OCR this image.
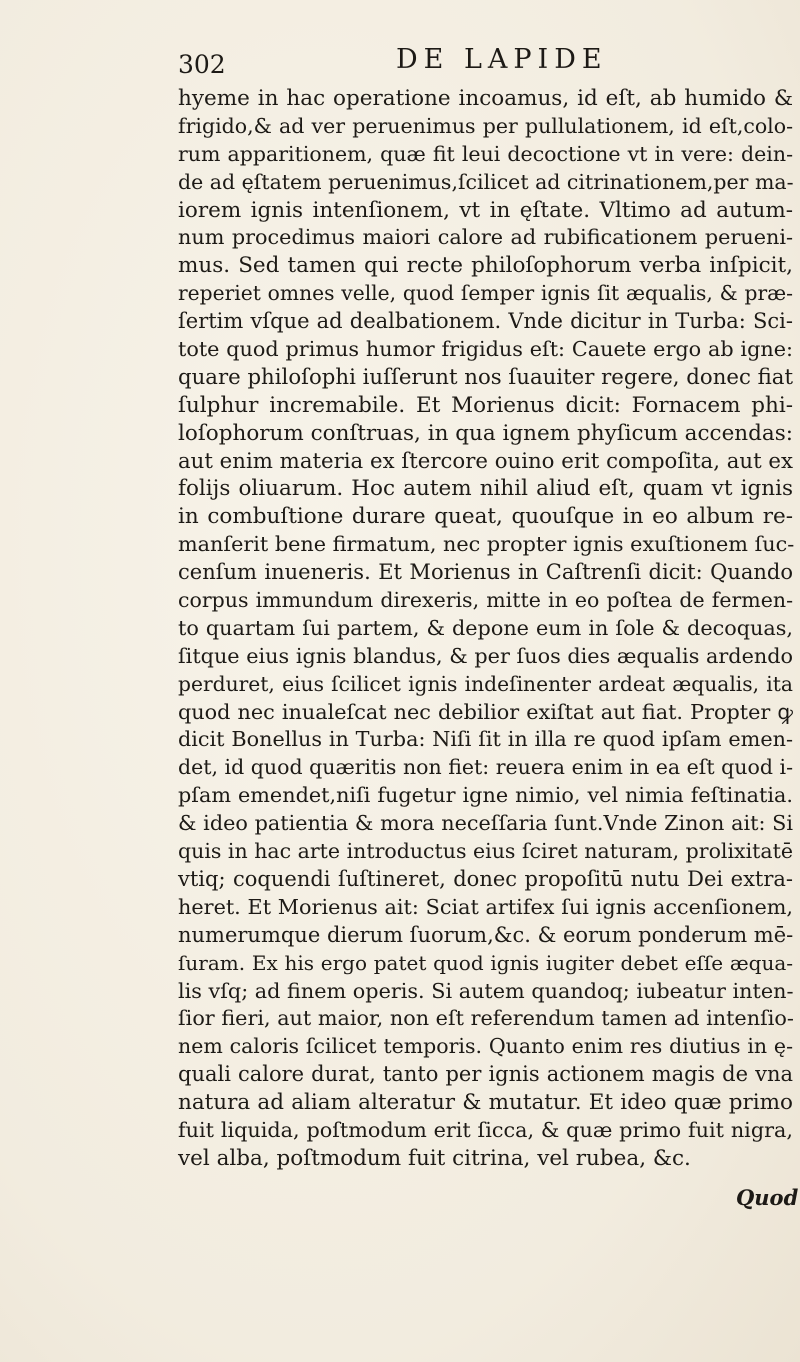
302	DE LAPIDE
hyeme in hac operatione incoamus, id eſt, ab humido &
frigido,& ad ver peruenimus per pullulationem, id eſt,colo-
rum apparitionem, quæ fit leui decoctione vt in vere: dein-
de ad ęſtatem peruenimus,ſcilicet ad citrinationem,per ma-
iorem ignis intenſionem, vt in ęſtate. Vltimo ad autum-
num procedimus maiori calore ad rubificationem perueni-
mus. Sed tamen qui recte philoſophorum verba inſpicit,
reperiet omnes velle, quod ſemper ignis ſit æqualis, & præ-
ſertim vſque ad dealbationem. Vnde dicitur in Turba: Sci-
tote quod primus humor frigidus eſt: Cauete ergo ab igne:
quare philoſophi iuſſerunt nos ſuauiter regere, donec fiat
ſulphur incremabile. Et Morienus dicit: Fornacem phi-
loſophorum conſtruas, in qua ignem phyſicum accendas:
aut enim materia ex ſtercore ouino erit compoſita, aut ex
folijs oliuarum. Hoc autem nihil aliud eſt, quam vt ignis
in combuſtione durare queat, quouſque in eo album re-
manſerit bene firmatum, nec propter ignis exuſtionem ſuc-
cenſum inueneris. Et Morienus in Caſtrenſi dicit: Quando
corpus immundum direxeris, mitte in eo poſtea de fermen-
to quartam ſui partem, & depone eum in ſole & decoquas,
ſitque eius ignis blandus, & per ſuos dies æqualis ardendo
perduret, eius ſcilicet ignis indeſinenter ardeat æqualis, ita
quod nec inualeſcat nec debilior exiſtat aut fiat. Propter ꝙ
dicit Bonellus in Turba: Niſi ſit in illa re quod ipſam emen-
det, id quod quæritis non fiet: reuera enim in ea eſt quod i-
pſam emendet,niſi fugetur igne nimio, vel nimia feſtinatia.
& ideo patientia & mora neceſſaria ſunt.Vnde Zinon ait: Si
quis in hac arte introductus eius ſciret naturam, prolixitatē
vtiq; coquendi ſuſtineret, donec propoſitū nutu Dei extra-
heret. Et Morienus ait: Sciat artifex ſui ignis accenſionem,
numerumque dierum ſuorum,&c. & eorum ponderum mē-
ſuram. Ex his ergo patet quod ignis iugiter debet eſſe æqua-
lis vſq; ad finem operis. Si autem quandoq; iubeatur inten-
ſior fieri, aut maior, non eſt referendum tamen ad intenſio-
nem caloris ſcilicet temporis. Quanto enim res diutius in ę-
quali calore durat, tanto per ignis actionem magis de vna
natura ad aliam alteratur & mutatur. Et ideo quæ primo
fuit liquida, poſtmodum erit ſicca, & quæ primo fuit nigra,
vel alba, poſtmodum fuit citrina, vel rubea, &c.
Quod
